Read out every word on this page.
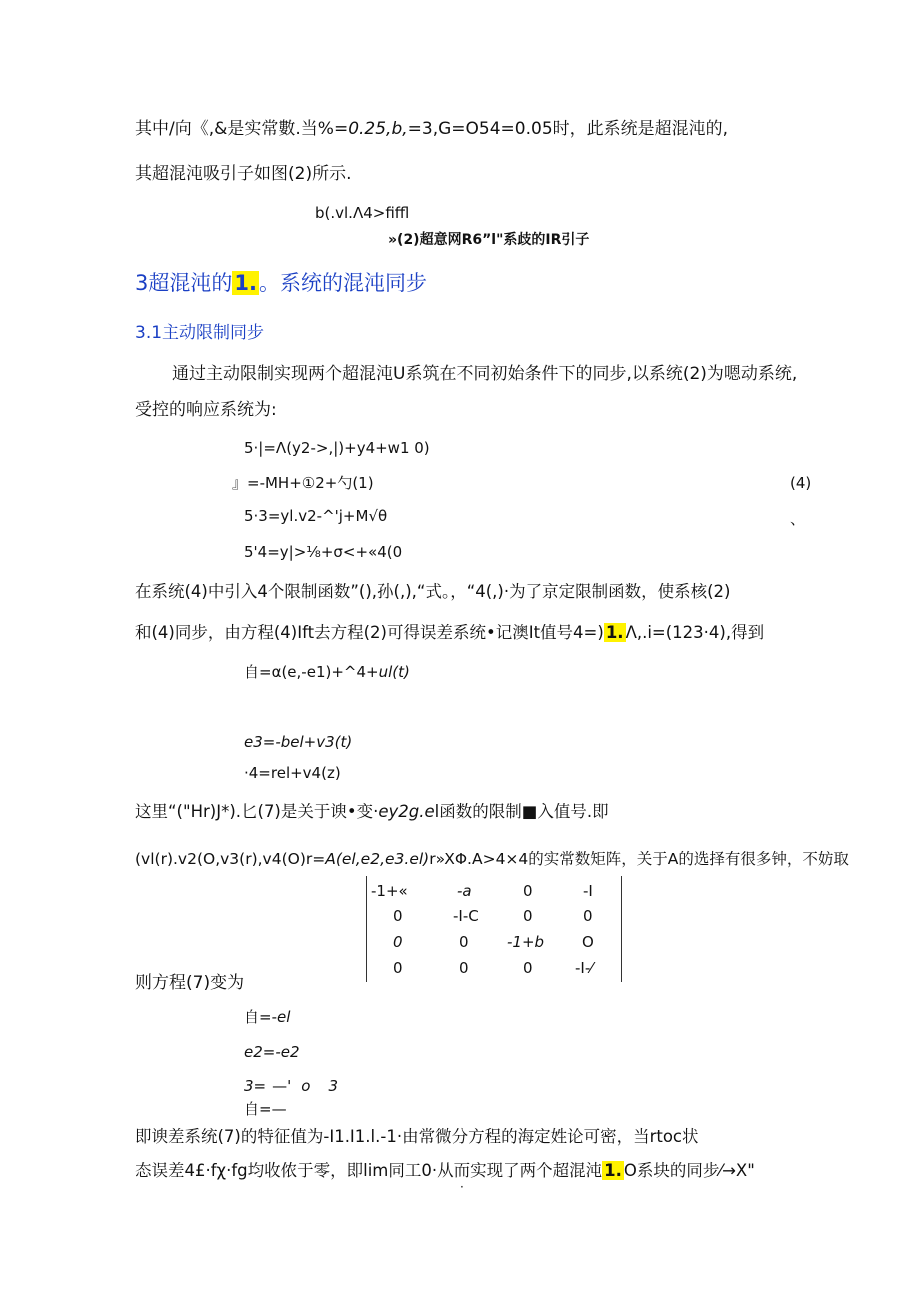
其中/向《,&是实常數.当%=0.25,b,=3,G=O54=0.05时，此系统是超混沌的,
其超混沌吸引子如图(2)所示.
b(.vl.Λ4>fiffl
»(2)超意网R6”l"系歧的IR引子
3超混沌的1.。系统的混沌同步
3.1主动限制同步
通过主动限制实现两个超混沌U系筑在不同初始条件下的同步,以系统(2)为嗯动系统,
受控的响应系统为:
5·|=Λ(y2->,|)+y4+w1 0)
』=-MH+①2+勺(1)	(4)
5·3=yl.v2-^'j+M√θ	、
5'4=y|>⅛+σ<+«4(0
在系统(4)中引入4个限制函数”(),孙(,),“式。，“4(,)·为了京定限制函数，使系核(2)
和(4)同步，由方程(4)Ift去方程(2)可得误差系统•记澳It值号4=) 1. Λ,.i=(123·4),得到
自=α(e,-e1)+^4+ul(t)
e3=-bel+v3(t)
·4=rel+v4(z)
这里“("Hr)J*).匕(7)是关于谀•变·ey2g.el函数的限制■入值号.即
(vl(r).v2(O,v3(r),v4(O)r=A(el,e2,e3.el)r»XΦ.A>4×4的实常数矩阵，关于A的选择有很多钟，不妨取
-1+«	-a	0	-I
0	-I-C	0	0
0	0	-1+b	O
0	0	0	-I-⁄
则方程(7)变为
自=-el
e2=-e2
3= —' o 3
自=—
即谀差系统(7)的特征值为-I1.I1.l.-1·由常微分方程的海定姓论可密，当rtoc状
态误差4£·fχ·fg均收侬于零，即lim同工0·从而实现了两个超混沌 1. O系块的同步⁄→X"
·
